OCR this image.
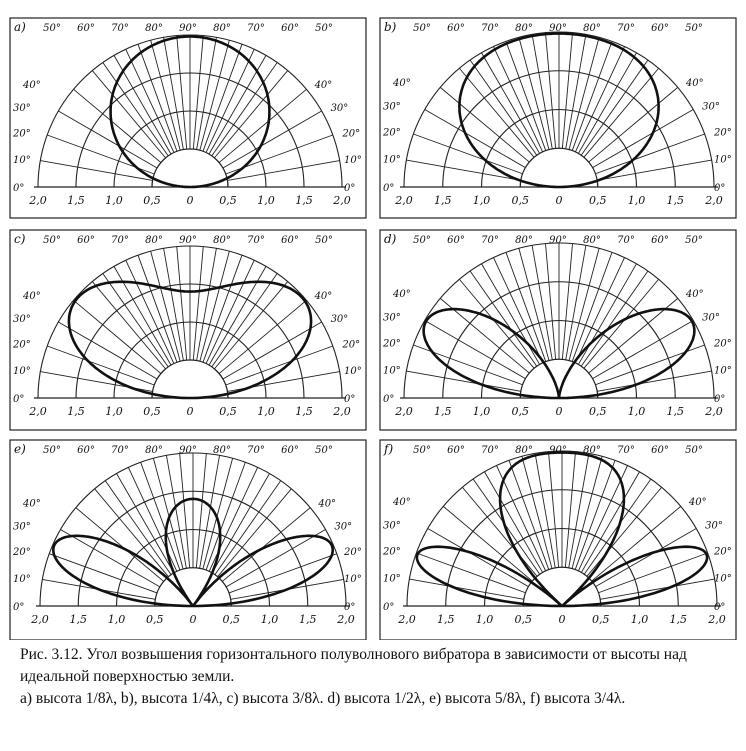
2,0 1,5 1,0 0,5 0 0,5 1,0 1,5 2,0
0°	0°
10°	10°
20°	20°
30°	30°
40°	40°
50° 60° 70° 80° 90° 80° 70° 60° 50°
a)
2,0 1,5 1,0 0,5 0 0,5 1,0 1,5 2,0
0°	0°
10°	10°
20°	20°
30°	30°
40°	40°
50° 60° 70° 80° 90° 80° 70° 60° 50°
b)
2,0 1,5 1,0 0,5 0 0,5 1,0 1,5 2,0
0°	0°
10°	10°
20°	20°
30°	30°
40°	40°
50° 60° 70° 80° 90° 80° 70° 60° 50°
c)
2,0 1,5 1,0 0,5 0 0,5 1,0 1,5 2,0
0°	0°
10°	10°
20°	20°
30°	30°
40°	40°
50° 60° 70° 80° 90° 80° 70° 60° 50°
d)
2,0 1,5 1,0 0,5 0 0,5 1,0 1,5 2,0
0°	0°
10°	10°
20°	20°
30°	30°
40°	40°
50° 60° 70° 80° 90° 80° 70° 60° 50°
e)
2,0 1,5 1,0 0,5 0 0,5 1,0 1,5 2,0
0°	0°
10°	10°
20°	20°
30°	30°
40°	40°
50° 60° 70° 80° 90° 80° 70° 60° 50°
f)

Рис. 3.12. Угол возвышения горизонтального полуволнового вибратора в зависимости от высоты над идеальной поверхностью земли.

a) высота 1/8λ, b), высота 1/4λ, c) высота 3/8λ. d) высота 1/2λ, e) высота 5/8λ, f) высота 3/4λ.
